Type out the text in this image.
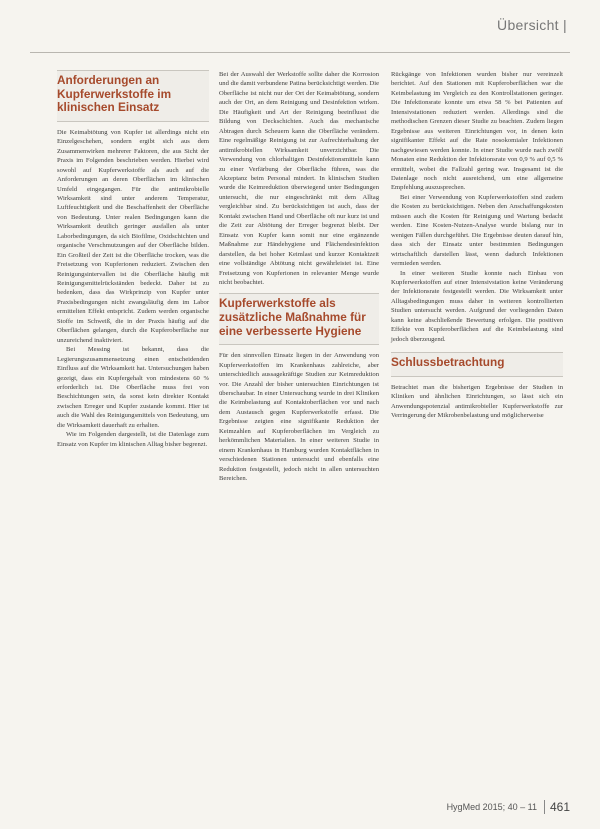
Übersicht |
Anforderungen an Kupferwerkstoffe im klinischen Einsatz

Die Keimabtötung von Kupfer ist allerdings nicht ein Einzelgeschehen, sondern ergibt sich aus dem Zusammenwirken mehrerer Faktoren, die aus Sicht der Praxis im Folgenden beschrieben werden. Hierbei wird sowohl auf Kupferwerkstoffe als auch auf die Anforderungen an deren Oberflächen im klinischen Umfeld eingegangen. Für die antimikrobielle Wirksamkeit sind unter anderem Temperatur, Luftfeuchtigkeit und die Beschaffenheit der Oberfläche von Bedeutung. Unter realen Bedingungen kann die Wirksamkeit deutlich geringer ausfallen als unter Laborbedingungen, da sich Biofilme, Oxidschichten und organische Verschmutzungen auf der Oberfläche bilden. Ein Großteil der Zeit ist die Oberfläche trocken, was die Freisetzung von Kupferionen reduziert. Zwischen den Reinigungsintervallen ist die Oberfläche häufig mit Reinigungsmittelrückständen bedeckt. Daher ist zu bedenken, dass das Wirkprinzip von Kupfer unter Praxisbedingungen nicht zwangsläufig dem im Labor ermittelten Effekt entspricht. Zudem werden organische Stoffe im Schweiß, die in der Praxis häufig auf die Oberflächen gelangen, durch die Kupferoberfläche nur unzureichend inaktiviert.

Bei Messing ist bekannt, dass die Legierungszusammensetzung einen entscheidenden Einfluss auf die Wirksamkeit hat. Untersuchungen haben gezeigt, dass ein Kupfergehalt von mindestens 60 % erforderlich ist. Die Oberfläche muss frei von Beschichtungen sein, da sonst kein direkter Kontakt zwischen Erreger und Kupfer zustande kommt. Hier ist auch die Wahl des Reinigungsmittels von Bedeutung, um die Wirksamkeit dauerhaft zu erhalten.

Wie im Folgenden dargestellt, ist die Datenlage zum Einsatz von Kupfer im klinischen Alltag bisher begrenzt.

Bei der Auswahl der Werkstoffe sollte daher die Korrosion und die damit verbundene Patina berücksichtigt werden. Die Oberfläche ist nicht nur der Ort der Keimabtötung, sondern auch der Ort, an dem Reinigung und Desinfektion wirken. Die Häufigkeit und Art der Reinigung beeinflusst die Bildung von Deckschichten. Auch das mechanische Abtragen durch Scheuern kann die Oberfläche verändern. Eine regelmäßige Reinigung ist zur Aufrechterhaltung der antimikrobiellen Wirksamkeit unverzichtbar. Die Verwendung von chlorhaltigen Desinfektionsmitteln kann zu einer Verfärbung der Oberfläche führen, was die Akzeptanz beim Personal mindert. In klinischen Studien wurde die Keimreduktion überwiegend unter Bedingungen untersucht, die nur eingeschränkt mit dem Alltag vergleichbar sind. Zu berücksichtigen ist auch, dass der Kontakt zwischen Hand und Oberfläche oft nur kurz ist und die Zeit zur Abtötung der Erreger begrenzt bleibt. Der Einsatz von Kupfer kann somit nur eine ergänzende Maßnahme zur Händehygiene und Flächendesinfektion darstellen, da bei hoher Keimlast und kurzer Kontaktzeit eine vollständige Abtötung nicht gewährleistet ist. Eine Freisetzung von Kupferionen in relevanter Menge wurde nicht beobachtet.

Kupferwerkstoffe als zusätzliche Maßnahme für eine verbesserte Hygiene

Für den sinnvollen Einsatz liegen in der Anwendung von Kupferwerkstoffen im Krankenhaus zahlreiche, aber unterschiedlich aussagekräftige Studien zur Keimreduktion vor. Die Anzahl der bisher untersuchten Einrichtungen ist überschaubar. In einer Untersuchung wurde in drei Kliniken die Keimbelastung auf Kontaktoberflächen vor und nach dem Austausch gegen Kupferwerkstoffe erfasst. Die Ergebnisse zeigten eine signifikante Reduktion der Keimzahlen auf Kupferoberflächen im Vergleich zu herkömmlichen Materialien. In einer weiteren Studie in einem Krankenhaus in Hamburg wurden Kontaktflächen in verschiedenen Stationen untersucht und ebenfalls eine Reduktion festgestellt, jedoch nicht in allen untersuchten Bereichen.

Rückgänge von Infektionen wurden bisher nur vereinzelt berichtet. Auf den Stationen mit Kupferoberflächen war die Keimbelastung im Vergleich zu den Kontrollstationen geringer. Die Infektionsrate konnte um etwa 58 % bei Patienten auf Intensivstationen reduziert werden. Allerdings sind die methodischen Grenzen dieser Studie zu beachten. Zudem liegen Ergebnisse aus weiteren Einrichtungen vor, in denen kein signifikanter Effekt auf die Rate nosokomialer Infektionen nachgewiesen werden konnte. In einer Studie wurde nach zwölf Monaten eine Reduktion der Infektionsrate von 0,9 % auf 0,5 % ermittelt, wobei die Fallzahl gering war. Insgesamt ist die Datenlage noch nicht ausreichend, um eine allgemeine Empfehlung auszusprechen.

Bei einer Verwendung von Kupferwerkstoffen sind zudem die Kosten zu berücksichtigen. Neben den Anschaffungskosten müssen auch die Kosten für Reinigung und Wartung bedacht werden. Eine Kosten-Nutzen-Analyse wurde bislang nur in wenigen Fällen durchgeführt. Die Ergebnisse deuten darauf hin, dass sich der Einsatz unter bestimmten Bedingungen wirtschaftlich darstellen lässt, wenn dadurch Infektionen vermieden werden.

In einer weiteren Studie konnte nach Einbau von Kupferwerkstoffen auf einer Intensivstation keine Veränderung der Infektionsrate festgestellt werden. Die Wirksamkeit unter Alltagsbedingungen muss daher in weiteren kontrollierten Studien untersucht werden. Aufgrund der vorliegenden Daten kann keine abschließende Bewertung erfolgen. Die positiven Effekte von Kupferoberflächen auf die Keimbelastung sind jedoch überzeugend.

Schlussbetrachtung

Betrachtet man die bisherigen Ergebnisse der Studien in Kliniken und ähnlichen Einrichtungen, so lässt sich ein Anwendungspotenzial antimikrobieller Kupferwerkstoffe zur Verringerung der Mikrobenbelastung und möglicherweise

HygMed 2015; 40 – 11	461
